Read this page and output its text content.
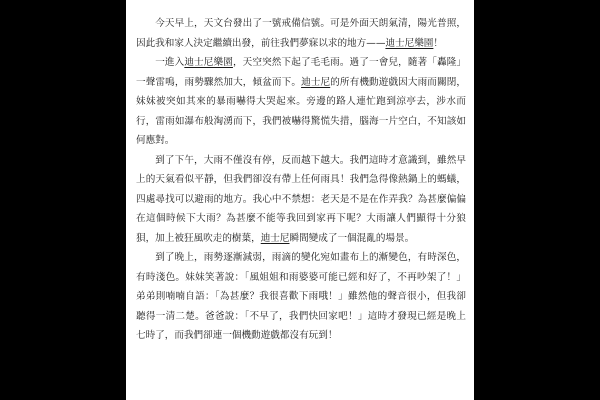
今天早上，天文台發出了一號戒備信號。可是外面天朗氣清，陽光普照，因此我和家人決定繼續出發，前往我們夢寐以求的地方——迪士尼樂園！

一進入迪士尼樂園，天空突然下起了毛毛雨。過了一會兒，隨著「轟隆」一聲雷鳴，雨勢驟然加大，傾盆而下。迪士尼的所有機動遊戲因大雨而關閉，妹妹被突如其來的暴雨嚇得大哭起來。旁邊的路人連忙跑到涼亭去，涉水而行，雷雨如瀑布般淘湧而下，我們被嚇得驚慌失措，腦海一片空白，不知該如何應對。

到了下午，大雨不僅沒有停，反而越下越大。我們這時才意識到，雖然早上的天氣看似平靜，但我們卻沒有帶上任何雨具！我們急得像熱鍋上的螞蟻，四處尋找可以避雨的地方。我心中不禁想：老天是不是在作弄我？為甚麼偏偏在這個時候下大雨？為甚麼不能等我回到家再下呢？大雨讓人們顯得十分狼狽，加上被狂風吹走的樹葉，迪士尼瞬間變成了一個混亂的場景。

到了晚上，雨勢逐漸減弱，雨滴的變化宛如畫布上的漸變色，有時深色，有時淺色。妹妹笑著說：「風姐姐和雨婆婆可能已經和好了，不再吵架了！」弟弟則喃喃自語：「為甚麼？我很喜歡下雨哦！」雖然他的聲音很小，但我卻聽得一清二楚。爸爸說：「不早了，我們快回家吧！」這時才發現已經是晚上七時了，而我們卻連一個機動遊戲都沒有玩到！
